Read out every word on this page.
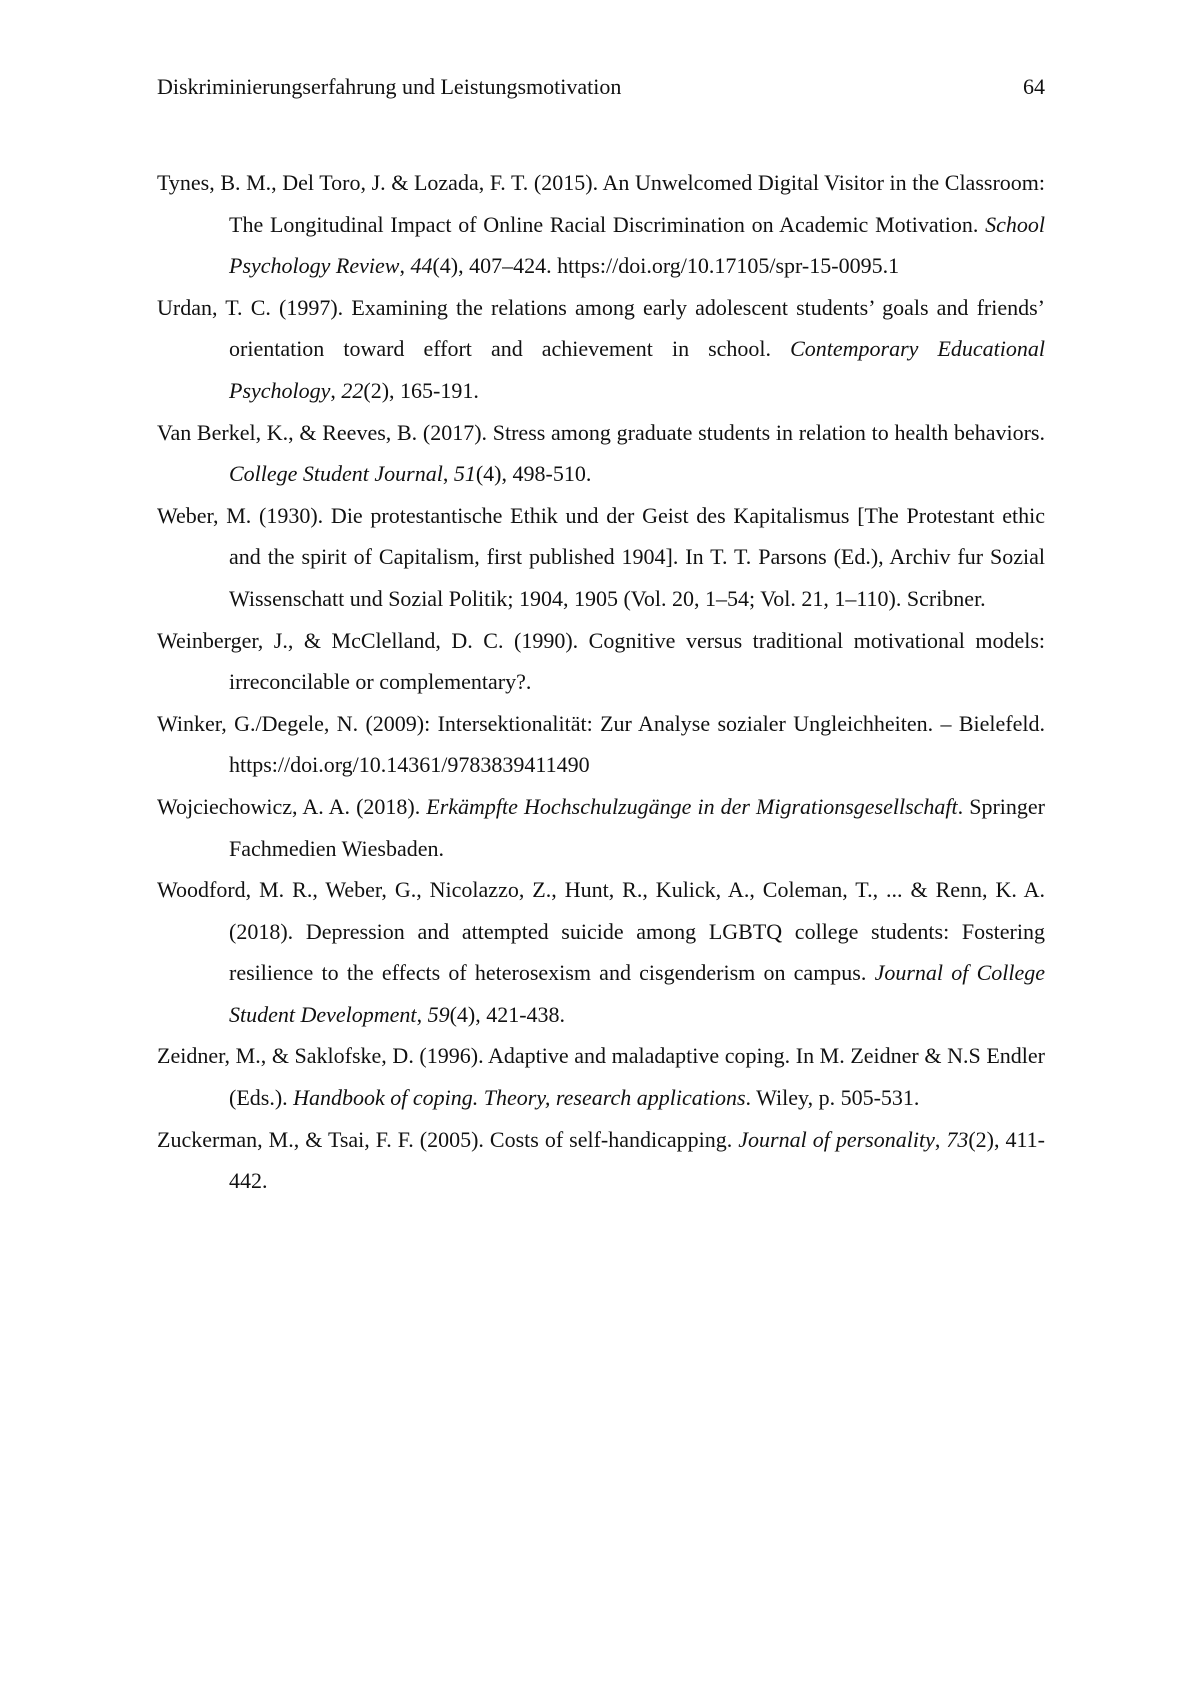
Diskriminierungserfahrung und Leistungsmotivation	64

Tynes, B. M., Del Toro, J. & Lozada, F. T. (2015). An Unwelcomed Digital Visitor in the Classroom: The Longitudinal Impact of Online Racial Discrimination on Academic Motivation. School Psychology Review, 44(4), 407–424. https://doi.org/10.17105/spr-15-0095.1

Urdan, T. C. (1997). Examining the relations among early adolescent students’ goals and friends’ orientation toward effort and achievement in school. Contemporary Educational Psychology, 22(2), 165-191.

Van Berkel, K., & Reeves, B. (2017). Stress among graduate students in relation to health behaviors. College Student Journal, 51(4), 498-510.

Weber, M. (1930). Die protestantische Ethik und der Geist des Kapitalismus [The Protestant ethic and the spirit of Capitalism, first published 1904]. In T. T. Parsons (Ed.), Archiv fur Sozial Wissenschatt und Sozial Politik; 1904, 1905 (Vol. 20, 1–54; Vol. 21, 1–110). Scribner.

Weinberger, J., & McClelland, D. C. (1990). Cognitive versus traditional motivational models: irreconcilable or complementary?.

Winker, G./Degele, N. (2009): Intersektionalität: Zur Analyse sozialer Ungleichheiten. – Bielefeld. https://doi.org/10.14361/9783839411490

Wojciechowicz, A. A. (2018). Erkämpfte Hochschulzugänge in der Migrationsgesellschaft. Springer Fachmedien Wiesbaden.

Woodford, M. R., Weber, G., Nicolazzo, Z., Hunt, R., Kulick, A., Coleman, T., ... & Renn, K. A. (2018). Depression and attempted suicide among LGBTQ college students: Fostering resilience to the effects of heterosexism and cisgenderism on campus. Journal of College Student Development, 59(4), 421-438.

Zeidner, M., & Saklofske, D. (1996). Adaptive and maladaptive coping. In M. Zeidner & N.S Endler (Eds.). Handbook of coping. Theory, research applications. Wiley, p. 505-531.

Zuckerman, M., & Tsai, F. F. (2005). Costs of self-handicapping. Journal of personality, 73(2), 411-442.
